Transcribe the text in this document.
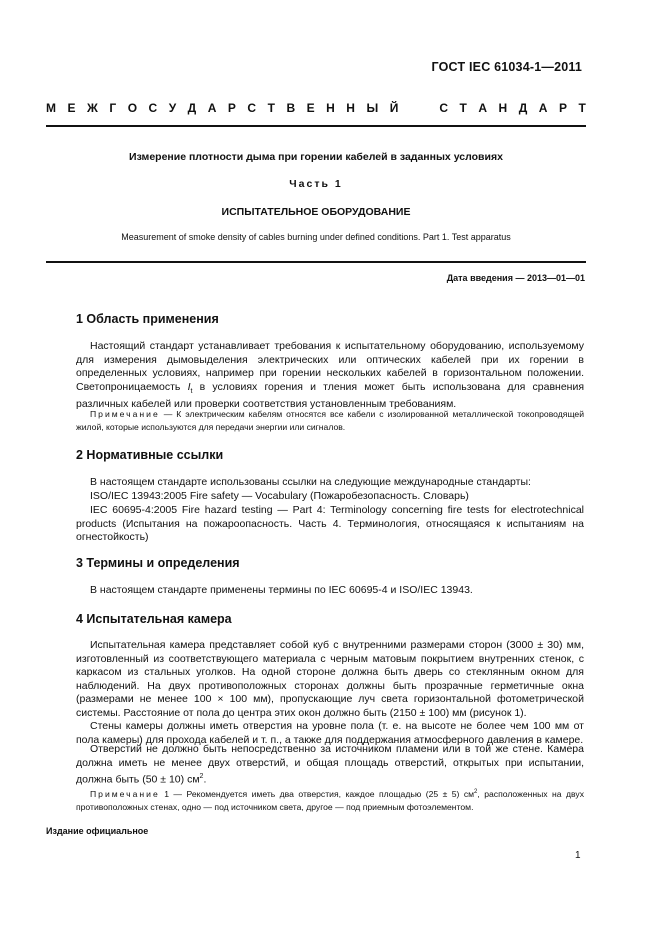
ГОСТ IEC 61034-1—2011
М Е Ж Г О С У Д А Р С Т В Е Н Н Ы Й	С Т А Н Д А Р Т
Измерение плотности дыма при горении кабелей в заданных условиях
Часть 1
ИСПЫТАТЕЛЬНОЕ ОБОРУДОВАНИЕ
Measurement of smoke density of cables burning under defined conditions. Part 1. Test apparatus
Дата введения — 2013—01—01
1 Область применения
Настоящий стандарт устанавливает требования к испытательному оборудованию, используемому для измерения дымовыделения электрических или оптических кабелей при их горении в определенных условиях, например при горении нескольких кабелей в горизонтальном положении. Светопроницаемость $I_t$ в условиях горения и тления может быть использована для сравнения различных кабелей или проверки соответствия установленным требованиям.
Примечание — К электрическим кабелям относятся все кабели с изолированной металлической токопроводящей жилой, которые используются для передачи энергии или сигналов.
2 Нормативные ссылки
В настоящем стандарте использованы ссылки на следующие международные стандарты:
ISO/IEC 13943:2005 Fire safety — Vocabulary (Пожаробезопасность. Словарь)
IEC 60695-4:2005 Fire hazard testing — Part 4: Terminology concerning fire tests for electrotechnical products (Испытания на пожароопасность. Часть 4. Терминология, относящаяся к испытаниям на огнестойкость)
3 Термины и определения
В настоящем стандарте применены термины по IEC 60695-4 и ISO/IEC 13943.
4 Испытательная камера
Испытательная камера представляет собой куб с внутренними размерами сторон (3000 ± 30) мм, изготовленный из соответствующего материала с черным матовым покрытием внутренних стенок, с каркасом из стальных уголков. На одной стороне должна быть дверь со стеклянным окном для наблюдений. На двух противоположных сторонах должны быть прозрачные герметичные окна (размерами не менее 100 × 100 мм), пропускающие луч света горизонтальной фотометрической системы. Расстояние от пола до центра этих окон должно быть (2150 ± 100) мм (рисунок 1).
Стены камеры должны иметь отверстия на уровне пола (т. е. на высоте не более чем 100 мм от пола камеры) для прохода кабелей и т. п., а также для поддержания атмосферного давления в камере.
Отверстий не должно быть непосредственно за источником пламени или в той же стене. Камера должна иметь не менее двух отверстий, и общая площадь отверстий, открытых при испытании, должна быть (50 ± 10) $см^2$.
Примечание 1 — Рекомендуется иметь два отверстия, каждое площадью (25 ± 5) $см^2$, расположенных на двух противоположных стенах, одно — под источником света, другое — под приемным фотоэлементом.
Издание официальное
1
